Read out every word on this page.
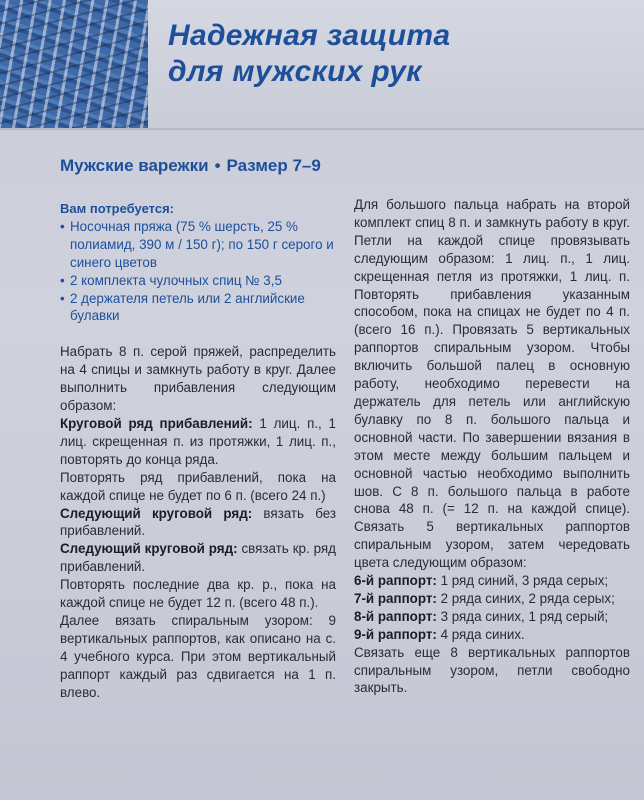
Надежная защита
для мужских рук
Мужские варежки • Размер 7–9
Вам потребуется:
• Носочная пряжа (75 % шерсть, 25 % полиамид, 390 м / 150 г); по 150 г серого и синего цветов
• 2 комплекта чулочных спиц № 3,5
• 2 держателя петель или 2 английские булавки

Набрать 8 п. серой пряжей, распределить на 4 спицы и замкнуть работу в круг. Далее выполнить прибавления следующим образом:

Круговой ряд прибавлений: 1 лиц. п., 1 лиц. скрещенная п. из протяжки, 1 лиц. п., повторять до конца ряда.

Повторять ряд прибавлений, пока на каждой спице не будет по 6 п. (всего 24 п.)

Следующий круговой ряд: вязать без прибавлений.

Следующий круговой ряд: связать кр. ряд прибавлений.

Повторять последние два кр. р., пока на каждой спице не будет 12 п. (всего 48 п.).

Далее вязать спиральным узором: 9 вертикальных раппортов, как описано на с. 4 учебного курса. При этом вертикальный раппорт каждый раз сдвигается на 1 п. влево.

Для большого пальца набрать на второй комплект спиц 8 п. и замкнуть работу в круг. Петли на каждой спице провязывать следующим образом: 1 лиц. п., 1 лиц. скрещенная петля из протяжки, 1 лиц. п. Повторять прибавления указанным способом, пока на спицах не будет по 4 п. (всего 16 п.). Провязать 5 вертикальных раппортов спиральным узором. Чтобы включить большой палец в основную работу, необходимо перевести на держатель для петель или английскую булавку по 8 п. большого пальца и основной части. По завершении вязания в этом месте между большим пальцем и основной частью необходимо выполнить шов. С 8 п. большого пальца в работе снова 48 п. (= 12 п. на каждой спице). Связать 5 вертикальных раппортов спиральным узором, затем чередовать цвета следующим образом:

6-й раппорт: 1 ряд синий, 3 ряда серых;

7-й раппорт: 2 ряда синих, 2 ряда серых;

8-й раппорт: 3 ряда синих, 1 ряд серый;

9-й раппорт: 4 ряда синих.

Связать еще 8 вертикальных раппортов спиральным узором, петли свободно закрыть.
